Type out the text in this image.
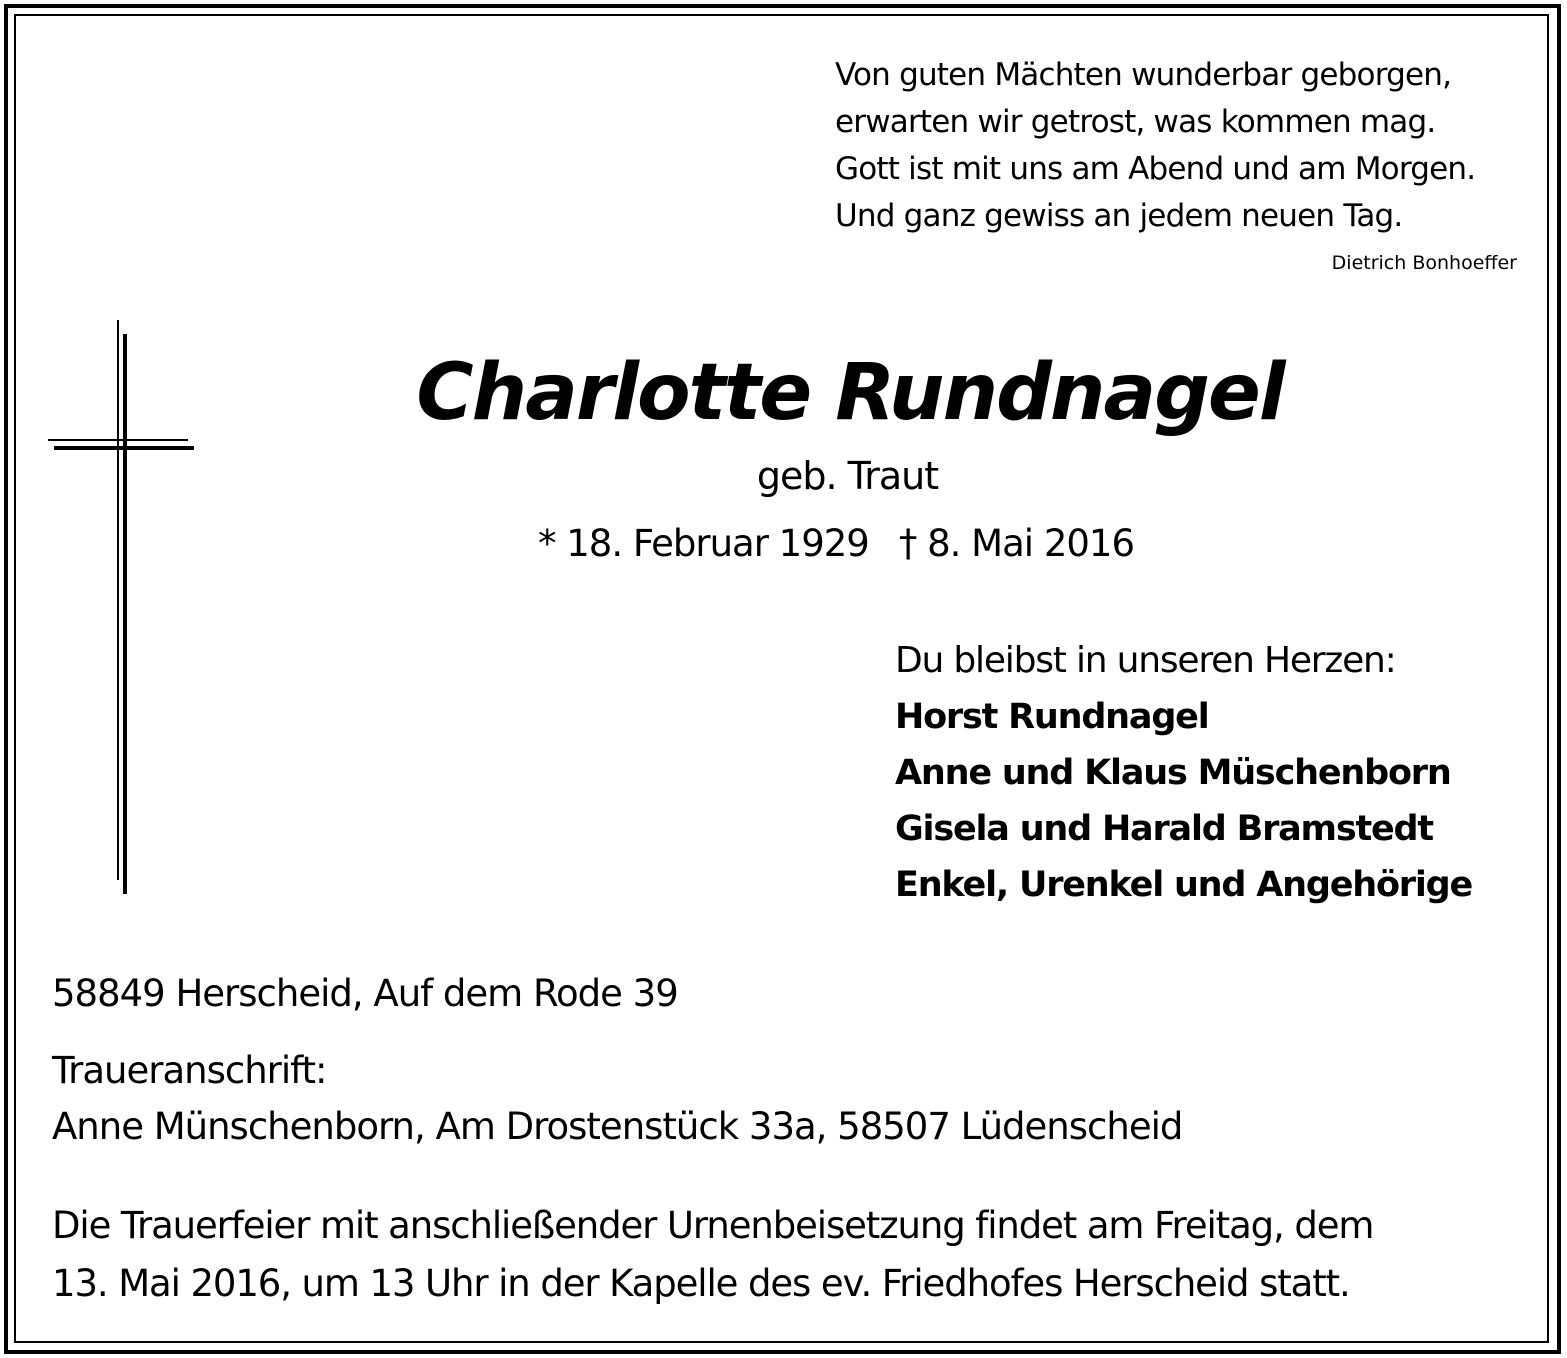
Von guten Mächten wunderbar geborgen,
erwarten wir getrost, was kommen mag.
Gott ist mit uns am Abend und am Morgen.
Und ganz gewiss an jedem neuen Tag.
Dietrich Bonhoeffer
Charlotte Rundnagel
geb. Traut
* 18. Februar 1929 † 8. Mai 2016
Du bleibst in unseren Herzen:
Horst Rundnagel
Anne und Klaus Müschenborn
Gisela und Harald Bramstedt
Enkel, Urenkel und Angehörige
58849 Herscheid, Auf dem Rode 39
Traueranschrift:
Anne Münschenborn, Am Drostenstück 33a, 58507 Lüdenscheid
Die Trauerfeier mit anschließender Urnenbeisetzung findet am Freitag, dem
13. Mai 2016, um 13 Uhr in der Kapelle des ev. Friedhofes Herscheid statt.
